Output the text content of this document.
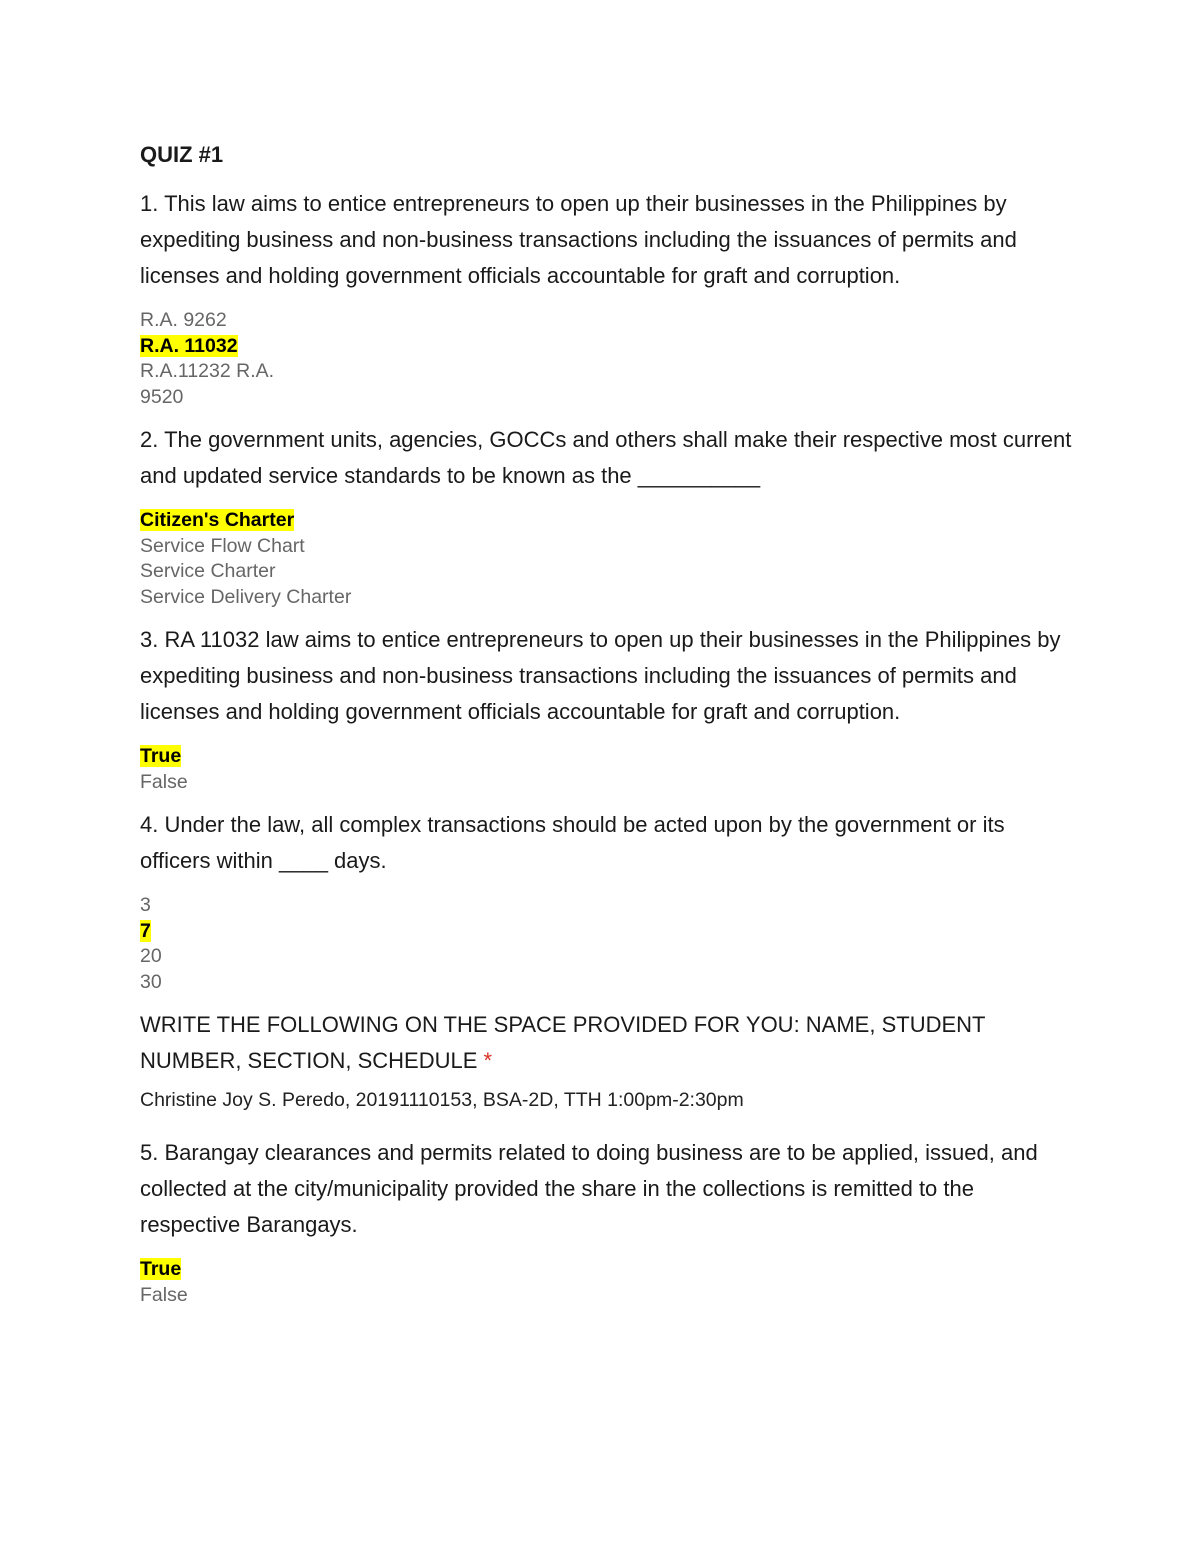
QUIZ #1
1. This law aims to entice entrepreneurs to open up their businesses in the Philippines by expediting business and non-business transactions including the issuances of permits and licenses and holding government officials accountable for graft and corruption.
R.A. 9262
R.A. 11032
R.A.11232 R.A.
9520
2. The government units, agencies, GOCCs and others shall make their respective most current and updated service standards to be known as the __________
Citizen's Charter
Service Flow Chart
Service Charter
Service Delivery Charter
3. RA 11032 law aims to entice entrepreneurs to open up their businesses in the Philippines by expediting business and non-business transactions including the issuances of permits and licenses and holding government officials accountable for graft and corruption.
True
False
4. Under the law, all complex transactions should be acted upon by the government or its officers within ____ days.
3
7
20
30
WRITE THE FOLLOWING ON THE SPACE PROVIDED FOR YOU: NAME, STUDENT NUMBER, SECTION, SCHEDULE *
Christine Joy S. Peredo, 20191110153, BSA-2D, TTH 1:00pm-2:30pm
5. Barangay clearances and permits related to doing business are to be applied, issued, and collected at the city/municipality provided the share in the collections is remitted to the respective Barangays.
True
False
